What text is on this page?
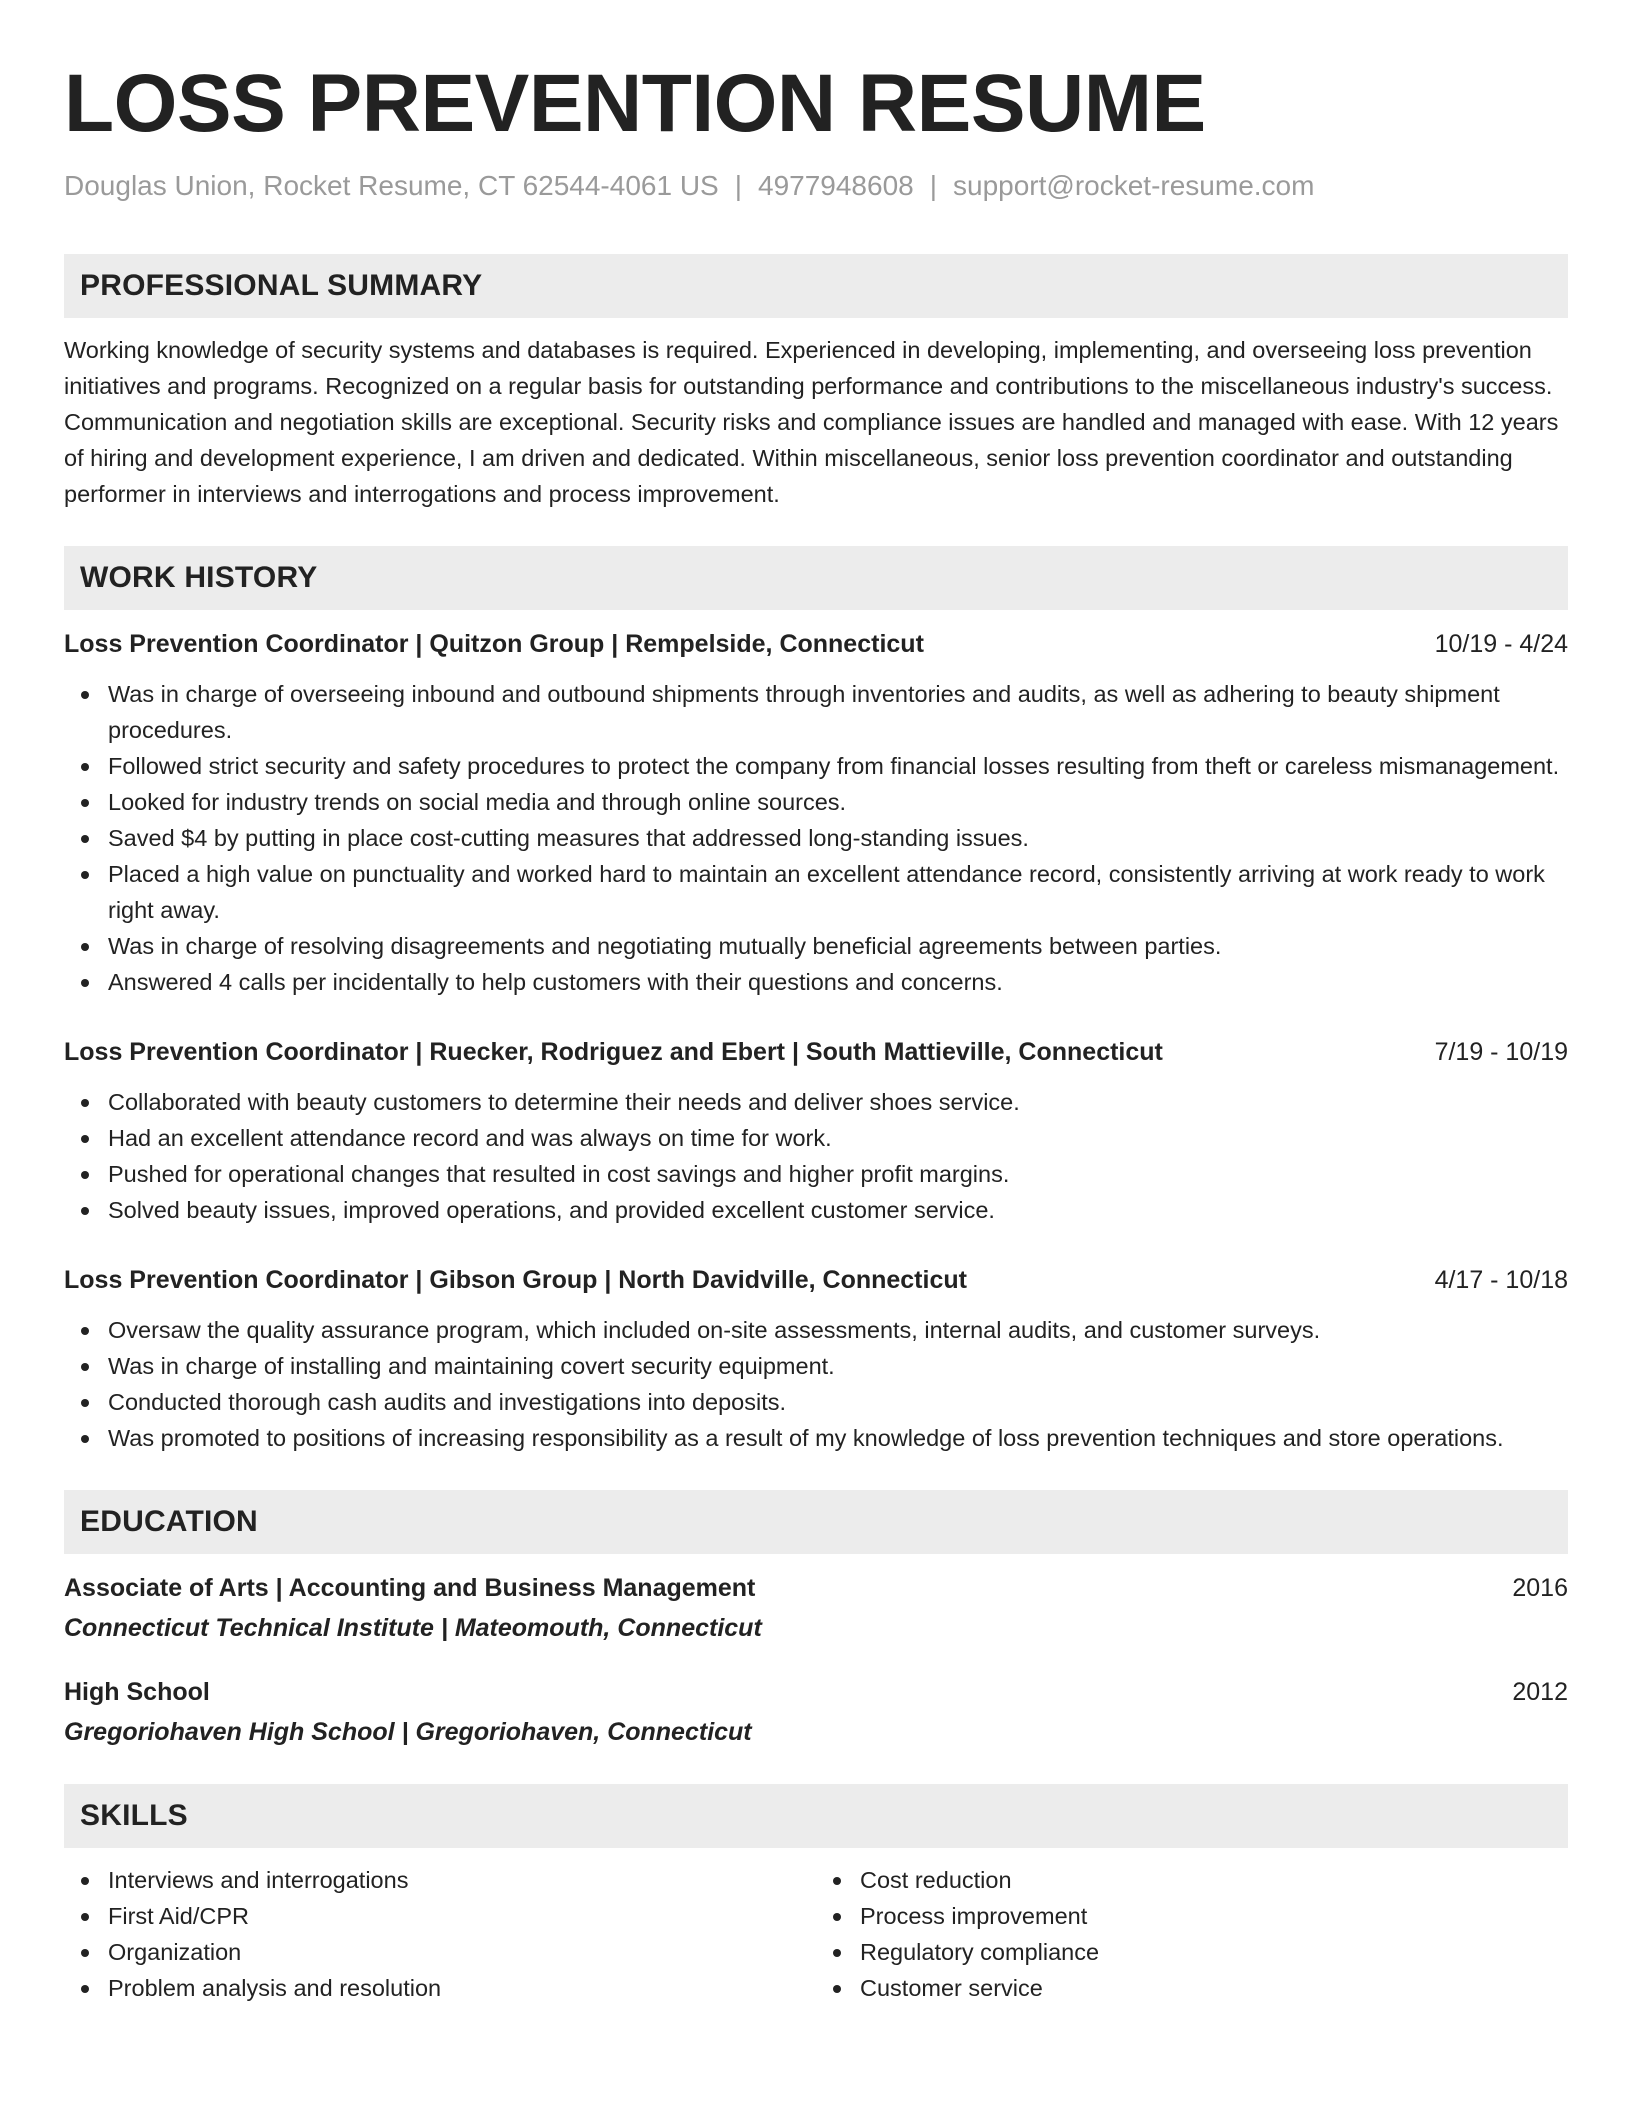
LOSS PREVENTION RESUME
Douglas Union, Rocket Resume, CT 62544-4061 US | 4977948608 | support@rocket-resume.com
PROFESSIONAL SUMMARY

Working knowledge of security systems and databases is required. Experienced in developing, implementing, and overseeing loss prevention initiatives and programs. Recognized on a regular basis for outstanding performance and contributions to the miscellaneous industry's success. Communication and negotiation skills are exceptional. Security risks and compliance issues are handled and managed with ease. With 12 years of hiring and development experience, I am driven and dedicated. Within miscellaneous, senior loss prevention coordinator and outstanding performer in interviews and interrogations and process improvement.

WORK HISTORY
Loss Prevention Coordinator | Quitzon Group | Rempelside, Connecticut	10/19 - 4/24
Was in charge of overseeing inbound and outbound shipments through inventories and audits, as well as adhering to beauty shipment procedures.
Followed strict security and safety procedures to protect the company from financial losses resulting from theft or careless mismanagement.
Looked for industry trends on social media and through online sources.
Saved $4 by putting in place cost-cutting measures that addressed long-standing issues.
Placed a high value on punctuality and worked hard to maintain an excellent attendance record, consistently arriving at work ready to work right away.
Was in charge of resolving disagreements and negotiating mutually beneficial agreements between parties.
Answered 4 calls per incidentally to help customers with their questions and concerns.
Loss Prevention Coordinator | Ruecker, Rodriguez and Ebert | South Mattieville, Connecticut	7/19 - 10/19
Collaborated with beauty customers to determine their needs and deliver shoes service.
Had an excellent attendance record and was always on time for work.
Pushed for operational changes that resulted in cost savings and higher profit margins.
Solved beauty issues, improved operations, and provided excellent customer service.
Loss Prevention Coordinator | Gibson Group | North Davidville, Connecticut	4/17 - 10/18
Oversaw the quality assurance program, which included on-site assessments, internal audits, and customer surveys.
Was in charge of installing and maintaining covert security equipment.
Conducted thorough cash audits and investigations into deposits.
Was promoted to positions of increasing responsibility as a result of my knowledge of loss prevention techniques and store operations.
EDUCATION
Associate of Arts | Accounting and Business Management	2016
Connecticut Technical Institute | Mateomouth, Connecticut
High School	2012
Gregoriohaven High School | Gregoriohaven, Connecticut
SKILLS
Interviews and interrogations
First Aid/CPR
Organization
Problem analysis and resolution
Cost reduction
Process improvement
Regulatory compliance
Customer service
